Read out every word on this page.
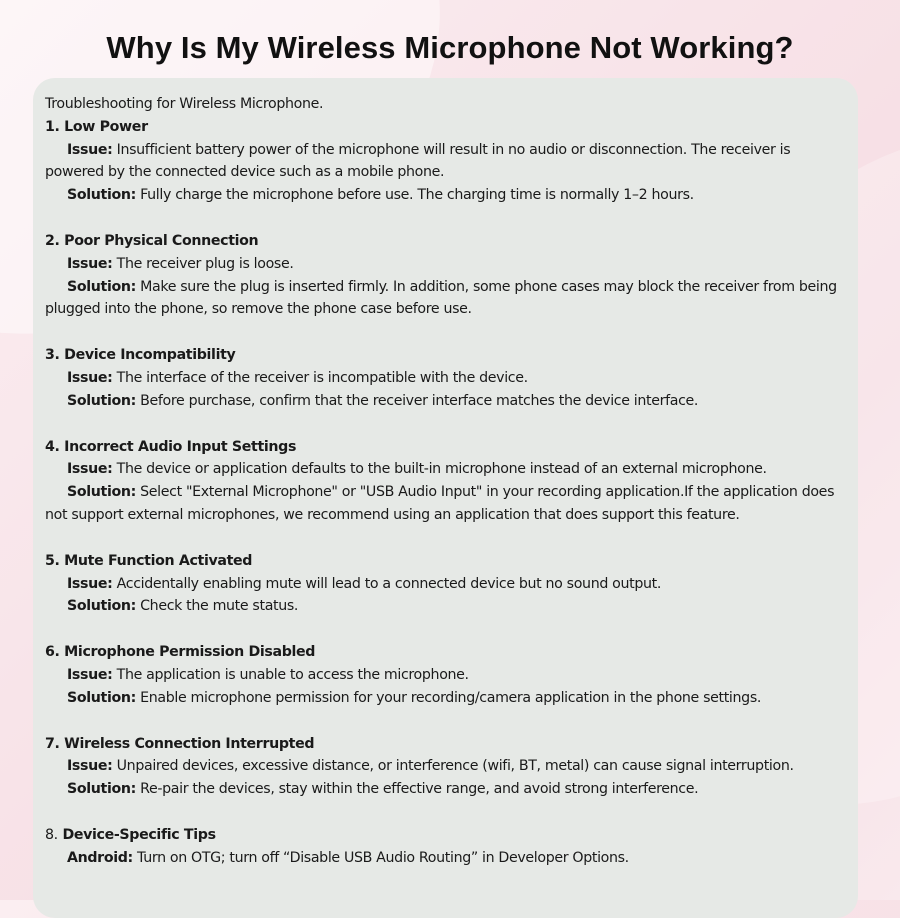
Why Is My Wireless Microphone Not Working?

Troubleshooting for Wireless Microphone.

1. Low Power

Issue: Insufficient battery power of the microphone will result in no audio or disconnection. The receiver is powered by the connected device such as a mobile phone.

Solution: Fully charge the microphone before use. The charging time is normally 1–2 hours.

2. Poor Physical Connection

Issue: The receiver plug is loose.

Solution: Make sure the plug is inserted firmly. In addition, some phone cases may block the receiver from being plugged into the phone, so remove the phone case before use.

3. Device Incompatibility

Issue: The interface of the receiver is incompatible with the device.

Solution: Before purchase, confirm that the receiver interface matches the device interface.

4. Incorrect Audio Input Settings

Issue: The device or application defaults to the built-in microphone instead of an external microphone.

Solution: Select "External Microphone" or "USB Audio Input" in your recording application.If the application does not support external microphones, we recommend using an application that does support this feature.

5. Mute Function Activated

Issue: Accidentally enabling mute will lead to a connected device but no sound output.

Solution: Check the mute status.

6. Microphone Permission Disabled

Issue: The application is unable to access the microphone.

Solution: Enable microphone permission for your recording/camera application in the phone settings.

7. Wireless Connection Interrupted

Issue: Unpaired devices, excessive distance, or interference (wifi, BT, metal) can cause signal interruption.

Solution: Re-pair the devices, stay within the effective range, and avoid strong interference.

8. Device-Specific Tips

Android: Turn on OTG; turn off “Disable USB Audio Routing” in Developer Options.
